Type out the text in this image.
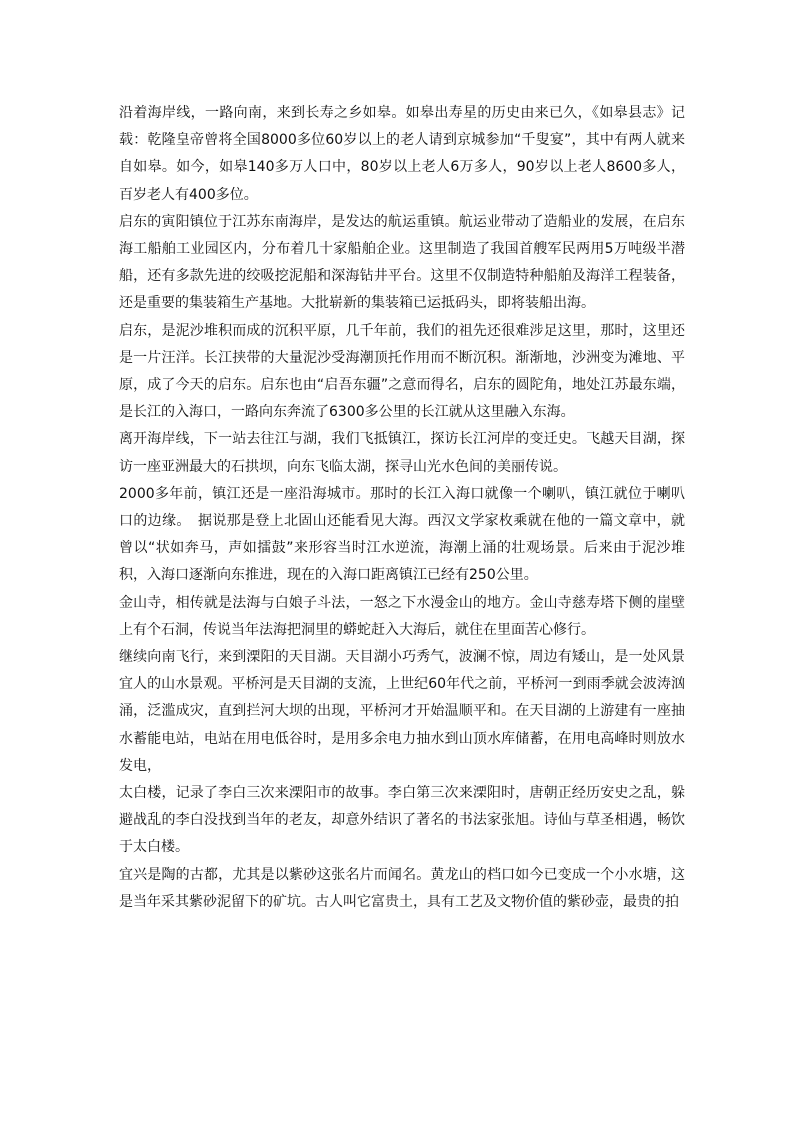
沿着海岸线，一路向南，来到长寿之乡如皋。如皋出寿星的历史由来已久，《如皋县志》记载：乾隆皇帝曾将全国8000多位60岁以上的老人请到京城参加“千叟宴”，其中有两人就来自如皋。如今，如皋140多万人口中，80岁以上老人6万多人，90岁以上老人8600多人，百岁老人有400多位。

启东的寅阳镇位于江苏东南海岸，是发达的航运重镇。航运业带动了造船业的发展，在启东海工船舶工业园区内，分布着几十家船舶企业。这里制造了我国首艘军民两用5万吨级半潜船，还有多款先进的绞吸挖泥船和深海钻井平台。这里不仅制造特种船舶及海洋工程装备，还是重要的集装箱生产基地。大批崭新的集装箱已运抵码头，即将装船出海。

启东，是泥沙堆积而成的沉积平原，几千年前，我们的祖先还很难涉足这里，那时，这里还是一片汪洋。长江挟带的大量泥沙受海潮顶托作用而不断沉积。渐渐地，沙洲变为滩地、平原，成了今天的启东。启东也由“启吾东疆”之意而得名，启东的圆陀角，地处江苏最东端，是长江的入海口，一路向东奔流了6300多公里的长江就从这里融入东海。

离开海岸线，下一站去往江与湖，我们飞抵镇江，探访长江河岸的变迁史。飞越天目湖，探访一座亚洲最大的石拱坝，向东飞临太湖，探寻山光水色间的美丽传说。

2000多年前，镇江还是一座沿海城市。那时的长江入海口就像一个喇叭，镇江就位于喇叭口的边缘。　据说那是登上北固山还能看见大海。西汉文学家枚乘就在他的一篇文章中，就曾以“状如奔马，声如擂鼓”来形容当时江水逆流，海潮上涌的壮观场景。后来由于泥沙堆积，入海口逐渐向东推进，现在的入海口距离镇江已经有250公里。

金山寺，相传就是法海与白娘子斗法，一怒之下水漫金山的地方。金山寺慈寿塔下侧的崖壁上有个石洞，传说当年法海把洞里的蟒蛇赶入大海后，就住在里面苦心修行。

继续向南飞行，来到溧阳的天目湖。天目湖小巧秀气，波澜不惊，周边有矮山，是一处风景宜人的山水景观。平桥河是天目湖的支流，上世纪60年代之前，平桥河一到雨季就会波涛汹涌，泛滥成灾，直到拦河大坝的出现，平桥河才开始温顺平和。在天目湖的上游建有一座抽水蓄能电站，电站在用电低谷时，是用多余电力抽水到山顶水库储蓄，在用电高峰时则放水发电，

太白楼，记录了李白三次来溧阳市的故事。李白第三次来溧阳时，唐朝正经历安史之乱，躲避战乱的李白没找到当年的老友，却意外结识了著名的书法家张旭。诗仙与草圣相遇，畅饮于太白楼。

宜兴是陶的古都，尤其是以紫砂这张名片而闻名。黄龙山的档口如今已变成一个小水塘，这是当年采其紫砂泥留下的矿坑。古人叫它富贵土，具有工艺及文物价值的紫砂壶，最贵的拍
